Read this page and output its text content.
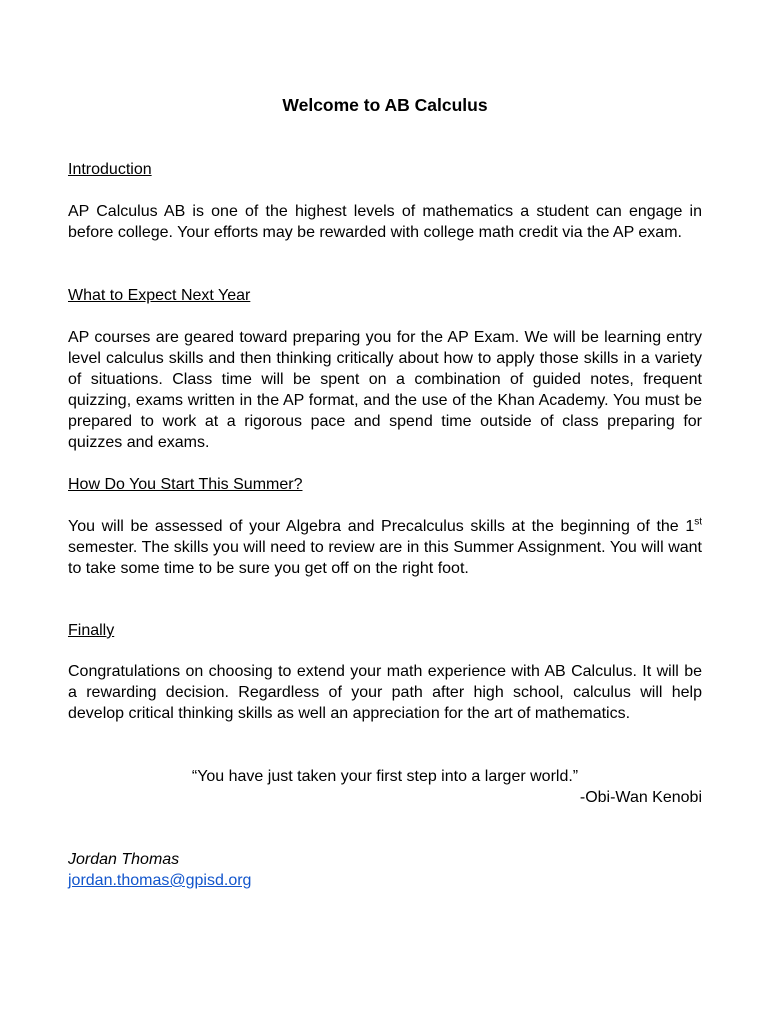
Welcome to AB Calculus
Introduction

AP Calculus AB is one of the highest levels of mathematics a student can engage in before college. Your efforts may be rewarded with college math credit via the AP exam.

What to Expect Next Year

AP courses are geared toward preparing you for the AP Exam. We will be learning entry level calculus skills and then thinking critically about how to apply those skills in a variety of situations. Class time will be spent on a combination of guided notes, frequent quizzing, exams written in the AP format, and the use of the Khan Academy. You must be prepared to work at a rigorous pace and spend time outside of class preparing for quizzes and exams.

How Do You Start This Summer?

You will be assessed of your Algebra and Precalculus skills at the beginning of the 1st semester. The skills you will need to review are in this Summer Assignment. You will want to take some time to be sure you get off on the right foot.

Finally

Congratulations on choosing to extend your math experience with AB Calculus. It will be a rewarding decision. Regardless of your path after high school, calculus will help develop critical thinking skills as well an appreciation for the art of mathematics.

“You have just taken your first step into a larger world.”
-Obi-Wan Kenobi

Jordan Thomas

jordan.thomas@gpisd.org
